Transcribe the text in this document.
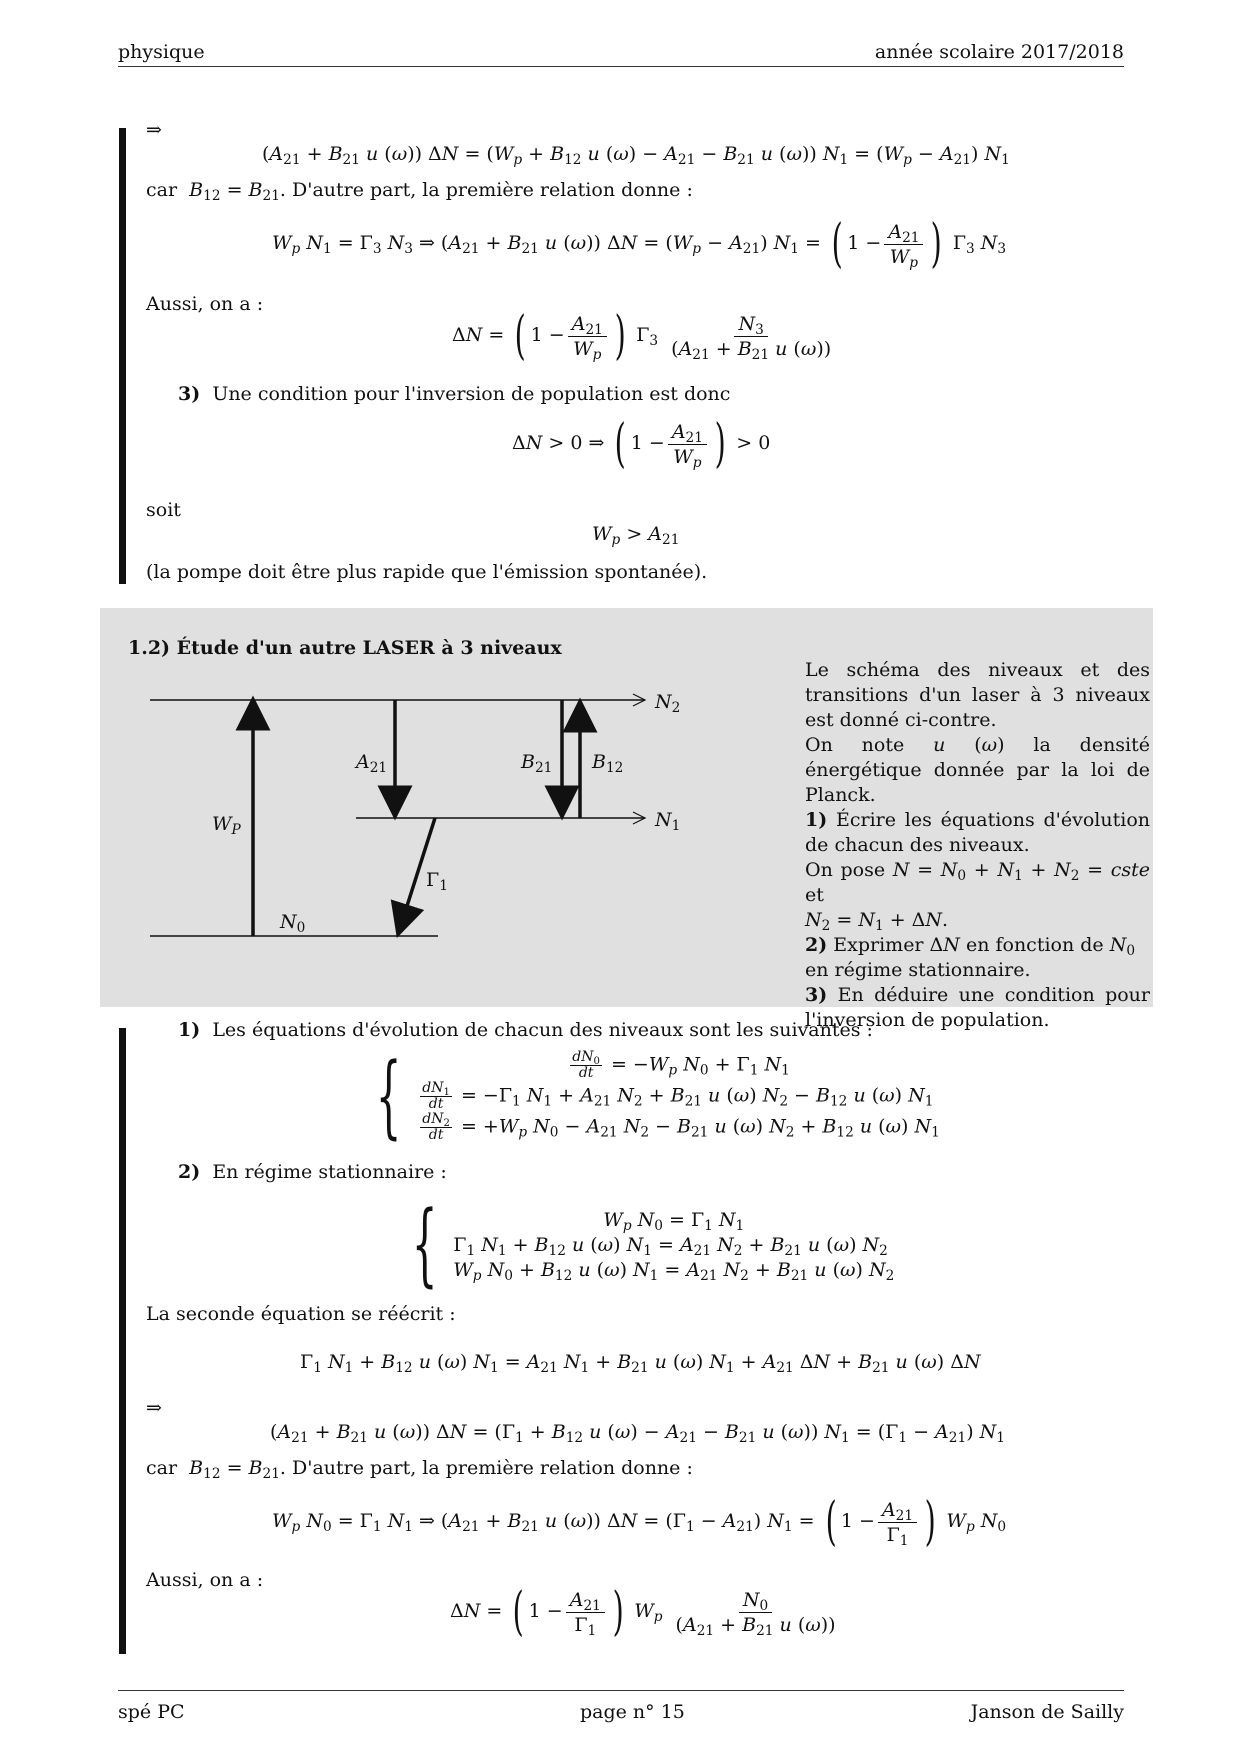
physique	année scolaire 2017/2018
⇒
($A_{21} + B_{21}$ u (ω)) $\Delta N = (W_p + B_{12}$ u $(\omega) - A_{21} - B_{21}$ u (ω)) $N_1 = (W_p - A_{21})$ $N_1$
car $B_{12} = B_{21}$. D'autre part, la première relation donne :
$W_p$ $N_1 = \Gamma_3$ $N_3$ ⇒ ($A_{21} + B_{21}$ u (ω)) $\Delta N = (W_p - A_{21}) N_1$ = ( $1 - \frac{A_{21}}{W_p}$ ) $\Gamma_3$ $N_3$
Aussi, on a :
ΔN = ( $1 - \frac{A_{21}}{W_p}$ ) $\Gamma_3 \frac{N_3}{(A_{21} + B_{21} u (\omega))}$
3) Une condition pour l'inversion de population est donc
ΔN > 0 ⇒ ( $1 - \frac{A_{21}}{W_p}$ ) > 0
soit
$W_p > A_{21}$
(la pompe doit être plus rapide que l'émission spontanée).
1.2) Étude d'un autre LASER à 3 niveaux
Le schéma des niveaux et des transitions d'un laser à 3 niveaux est donné ci-contre.
On note u (ω) la densité énergétique donnée par la loi de Planck.
1) Écrire les équations d'évolution de chacun des niveaux.
On pose $N = N_0 + N_1 + N_2$ = cste et
$N_2 = N_1 + \Delta N$.
2) Exprimer ΔN en fonction de $N_0$
en régime stationnaire.
3) En déduire une condition pour l'inversion de population.
$N_2$
$N_1$
$N_0$
$A_{21}$	$B_{21}$ $B_{12}$
$W_P$
$\Gamma_1$
1) Les équations d'évolution de chacun des niveaux sont les suivantes :
{	$\frac{dN_0}{dt} = -W_p$ $N_0 + \Gamma_1$ $N_1$
$\frac{dN_1}{dt} = -\Gamma_1$ $N_1 + A_{21}$ $N_2 + B_{21}$ u (ω) $N_2 - B_{12}$ u (ω) $N_1$
$\frac{dN_2}{dt} = +W_p$ $N_0 - A_{21}$ $N_2 - B_{21}$ u (ω) $N_2 + B_{12}$ u (ω) $N_1$
2) En régime stationnaire :
{	$W_p$ $N_0 = \Gamma_1$ $N_1$
$\Gamma_1$ $N_1 + B_{12}$ u (ω) $N_1 = A_{21}$ $N_2 + B_{21}$ u (ω) $N_2$
$W_p$ $N_0 + B_{12}$ u (ω) $N_1 = A_{21}$ $N_2 + B_{21}$ u (ω) $N_2$
La seconde équation se réécrit :
$\Gamma_1$ $N_1 + B_{12}$ u (ω) $N_1 = A_{21}$ $N_1 + B_{21}$ u (ω) $N_1 + A_{21}$ $\Delta N + B_{21}$ u (ω) ΔN
⇒
($A_{21} + B_{21}$ u (ω)) $\Delta N = (\Gamma_1 + B_{12}$ u $(\omega) - A_{21} - B_{21}$ u (ω)) $N_1 = (\Gamma_1 - A_{21})$ $N_1$
car $B_{12} = B_{21}$. D'autre part, la première relation donne :
$W_p$ $N_0 = \Gamma_1$ $N_1$ ⇒ ($A_{21} + B_{21}$ u (ω)) $\Delta N = (\Gamma_1 - A_{21}) N_1$ = ( $1 - \frac{A_{21}}{\Gamma_1}$ ) $W_p$ $N_0$
Aussi, on a :
ΔN = ( $1 - \frac{A_{21}}{\Gamma_1}$ ) $W_p \frac{N_0}{(A_{21} + B_{21} u (\omega))}$
spé PC	page n° 15	Janson de Sailly
